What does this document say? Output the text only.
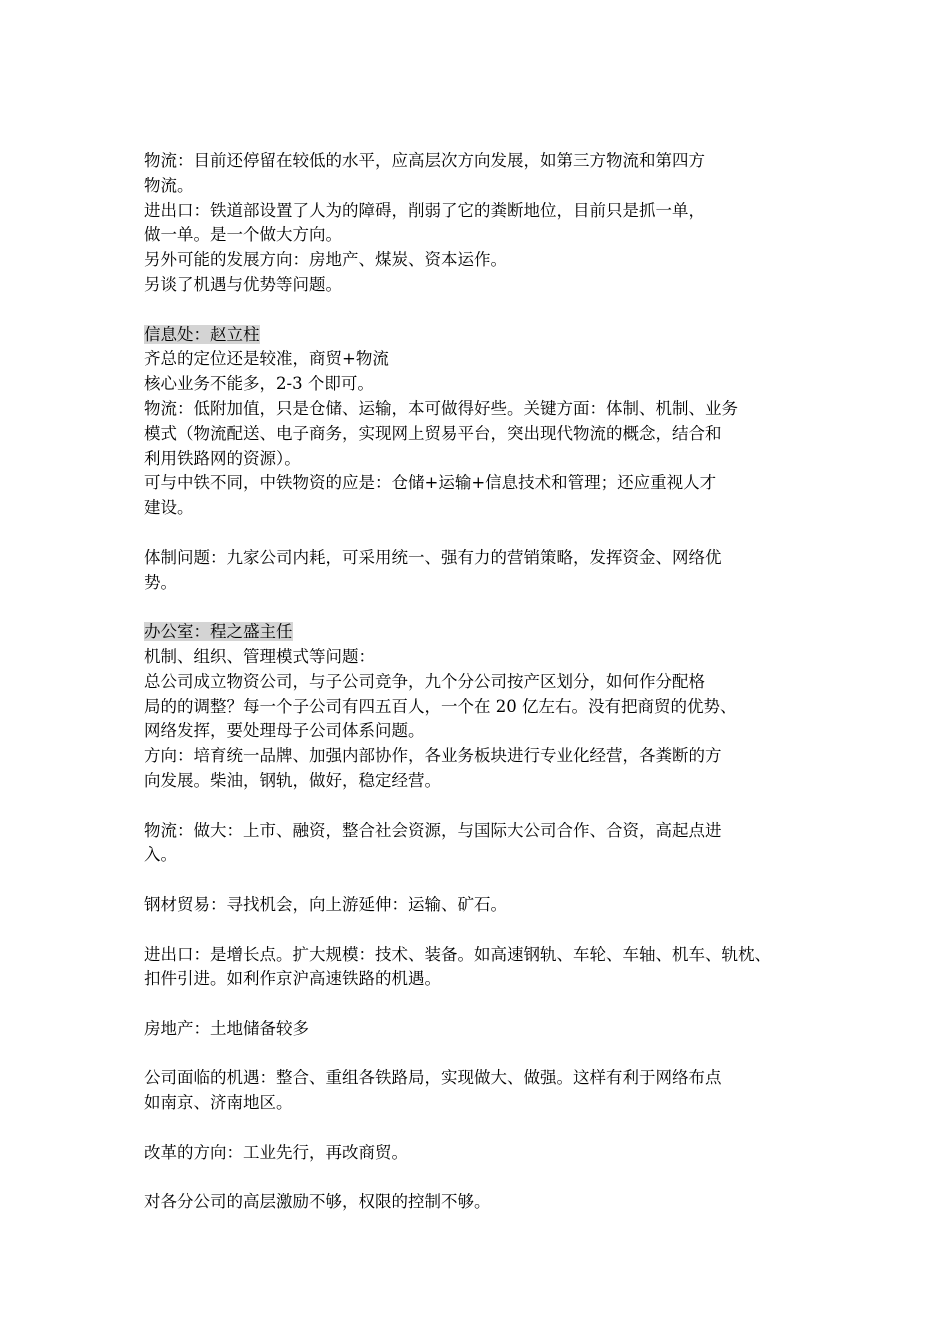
物流：目前还停留在较低的水平，应高层次方向发展，如第三方物流和第四方
物流。
进出口：铁道部设置了人为的障碍，削弱了它的粪断地位，目前只是抓一单，
做一单。是一个做大方向。
另外可能的发展方向：房地产、煤炭、资本运作。
另谈了机遇与优势等问题。
信息处：赵立柱
齐总的定位还是较准，商贸+物流
核心业务不能多，2-3 个即可。
物流：低附加值，只是仓储、运输，本可做得好些。关键方面：体制、机制、业务
模式（物流配送、电子商务，实现网上贸易平台，突出现代物流的概念，结合和
利用铁路网的资源）。
可与中铁不同，中铁物资的应是：仓储+运输+信息技术和管理；还应重视人才
建设。
体制问题：九家公司内耗，可采用统一、强有力的营销策略，发挥资金、网络优
势。
办公室：程之盛主任
机制、组织、管理模式等问题：
总公司成立物资公司，与子公司竞争，九个分公司按产区划分，如何作分配格
局的的调整？每一个子公司有四五百人，一个在 20 亿左右。没有把商贸的优势、
网络发挥，要处理母子公司体系问题。
方向：培育统一品牌、加强内部协作，各业务板块进行专业化经营，各粪断的方
向发展。柴油，钢轨，做好，稳定经营。
物流：做大：上市、融资，整合社会资源，与国际大公司合作、合资，高起点进
入。
钢材贸易：寻找机会，向上游延伸：运输、矿石。
进出口：是增长点。扩大规模：技术、装备。如高速钢轨、车轮、车轴、机车、轨枕、
扣件引进。如利作京沪高速铁路的机遇。
房地产：土地储备较多
公司面临的机遇：整合、重组各铁路局，实现做大、做强。这样有利于网络布点
如南京、济南地区。
改革的方向：工业先行，再改商贸。
对各分公司的高层激励不够，权限的控制不够。
